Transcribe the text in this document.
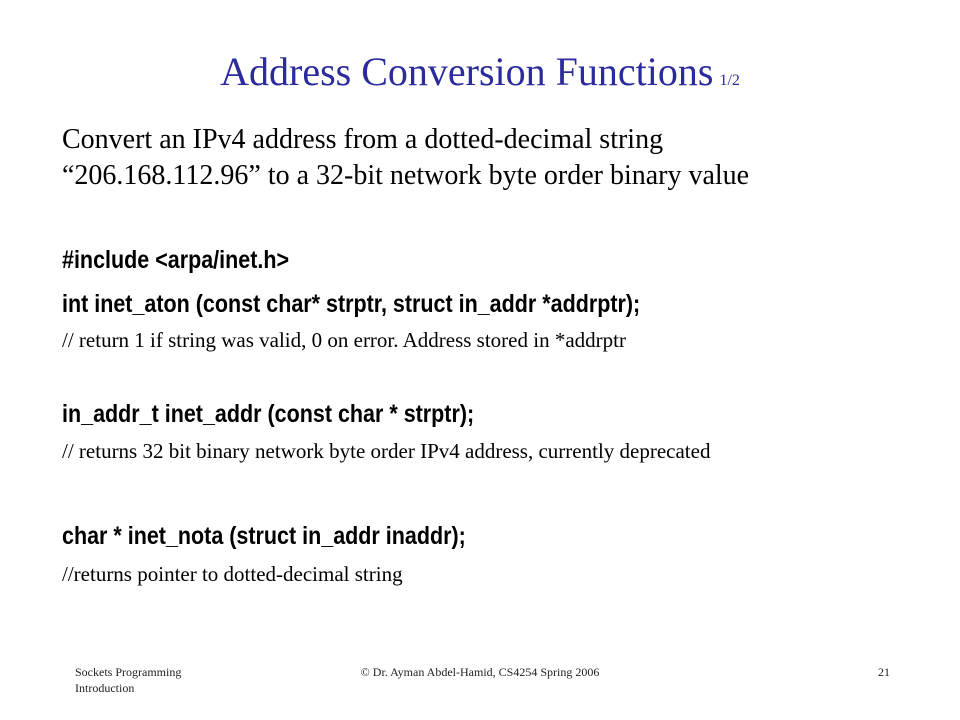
Address Conversion Functions 1/2
Convert an IPv4 address from a dotted-decimal string
“206.168.112.96” to a 32-bit network byte order binary value
#include <arpa/inet.h>
int inet_aton (const char* strptr, struct in_addr *addrptr);
// return 1 if string was valid, 0 on error. Address stored in *addrptr
in_addr_t inet_addr (const char * strptr);
// returns 32 bit binary network byte order IPv4 address, currently deprecated
char * inet_nota (struct in_addr inaddr);
//returns pointer to dotted-decimal string
Sockets Programming
Introduction
© Dr. Ayman Abdel-Hamid, CS4254 Spring 2006	21
